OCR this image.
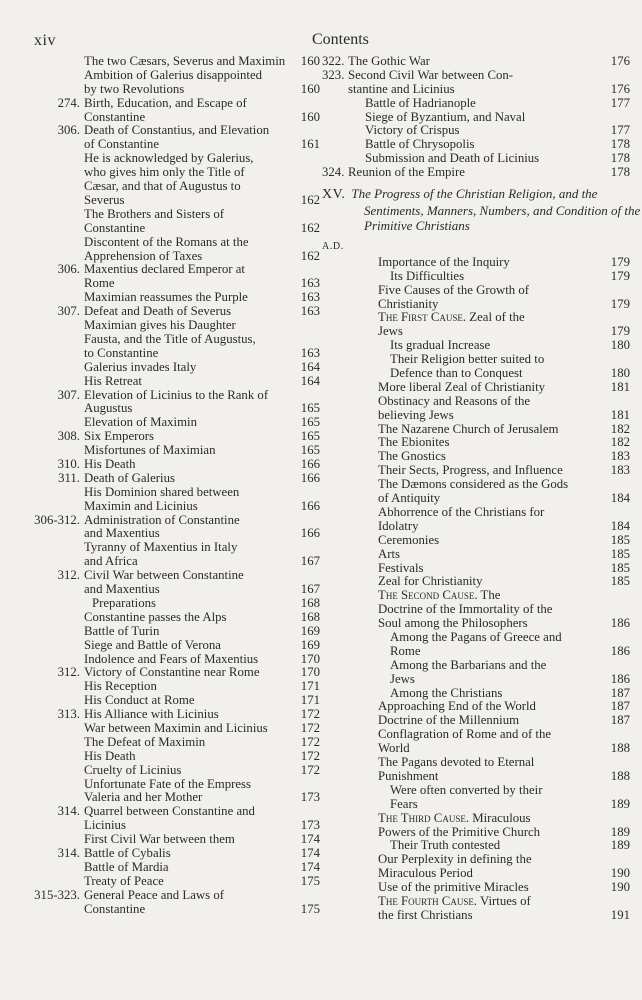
xiv	Contents
The two Cæsars, Severus and Maximin	160
Ambition of Galerius disappointed
by two Revolutions	160
274. Birth, Education, and Escape of
Constantine	160
306. Death of Constantius, and Elevation
of Constantine	161
He is acknowledged by Galerius,
who gives him only the Title of
Cæsar, and that of Augustus to
Severus	162
The Brothers and Sisters of
Constantine	162
Discontent of the Romans at the
Apprehension of Taxes	162
306. Maxentius declared Emperor at
Rome	163
Maximian reassumes the Purple	163
307. Defeat and Death of Severus	163
Maximian gives his Daughter
Fausta, and the Title of Augustus,
to Constantine	163
Galerius invades Italy	164
His Retreat	164
307. Elevation of Licinius to the Rank of
Augustus	165
Elevation of Maximin	165
308. Six Emperors	165
Misfortunes of Maximian	165
310. His Death	166
311. Death of Galerius	166
His Dominion shared between
Maximin and Licinius	166
306-312. Administration of Constantine
and Maxentius	166
Tyranny of Maxentius in Italy
and Africa	167
312. Civil War between Constantine
and Maxentius	167
Preparations	168
Constantine passes the Alps	168
Battle of Turin	169
Siege and Battle of Verona	169
Indolence and Fears of Maxentius	170
312. Victory of Constantine near Rome	170
His Reception	171
His Conduct at Rome	171
313. His Alliance with Licinius	172
War between Maximin and Licinius	172
The Defeat of Maximin	172
His Death	172
Cruelty of Licinius	172
Unfortunate Fate of the Empress
Valeria and her Mother	173
314. Quarrel between Constantine and
Licinius	173
First Civil War between them	174
314. Battle of Cybalis	174
Battle of Mardia	174
Treaty of Peace	175
315-323. General Peace and Laws of
Constantine	175
322. The Gothic War	176
323. Second Civil War between Con-
stantine and Licinius	176
Battle of Hadrianople	177
Siege of Byzantium, and Naval
Victory of Crispus	177
Battle of Chrysopolis	178
Submission and Death of Licinius	178
324. Reunion of the Empire	178
XV. The Progress of the Christian Religion, and the
Sentiments, Manners, Numbers, and Condition of the
Primitive Christians
A.D.
Importance of the Inquiry	179
Its Difficulties	179
Five Causes of the Growth of
Christianity	179
The First Cause. Zeal of the
Jews	179
Its gradual Increase	180
Their Religion better suited to
Defence than to Conquest	180
More liberal Zeal of Christianity	181
Obstinacy and Reasons of the
believing Jews	181
The Nazarene Church of Jerusalem	182
The Ebionites	182
The Gnostics	183
Their Sects, Progress, and Influence	183
The Dæmons considered as the Gods
of Antiquity	184
Abhorrence of the Christians for
Idolatry	184
Ceremonies	185
Arts	185
Festivals	185
Zeal for Christianity	185
The Second Cause. The
Doctrine of the Immortality of the
Soul among the Philosophers	186
Among the Pagans of Greece and
Rome	186
Among the Barbarians and the
Jews	186
Among the Christians	187
Approaching End of the World	187
Doctrine of the Millennium	187
Conflagration of Rome and of the
World	188
The Pagans devoted to Eternal
Punishment	188
Were often converted by their
Fears	189
The Third Cause. Miraculous
Powers of the Primitive Church	189
Their Truth contested	189
Our Perplexity in defining the
Miraculous Period	190
Use of the primitive Miracles	190
The Fourth Cause. Virtues of
the first Christians	191
